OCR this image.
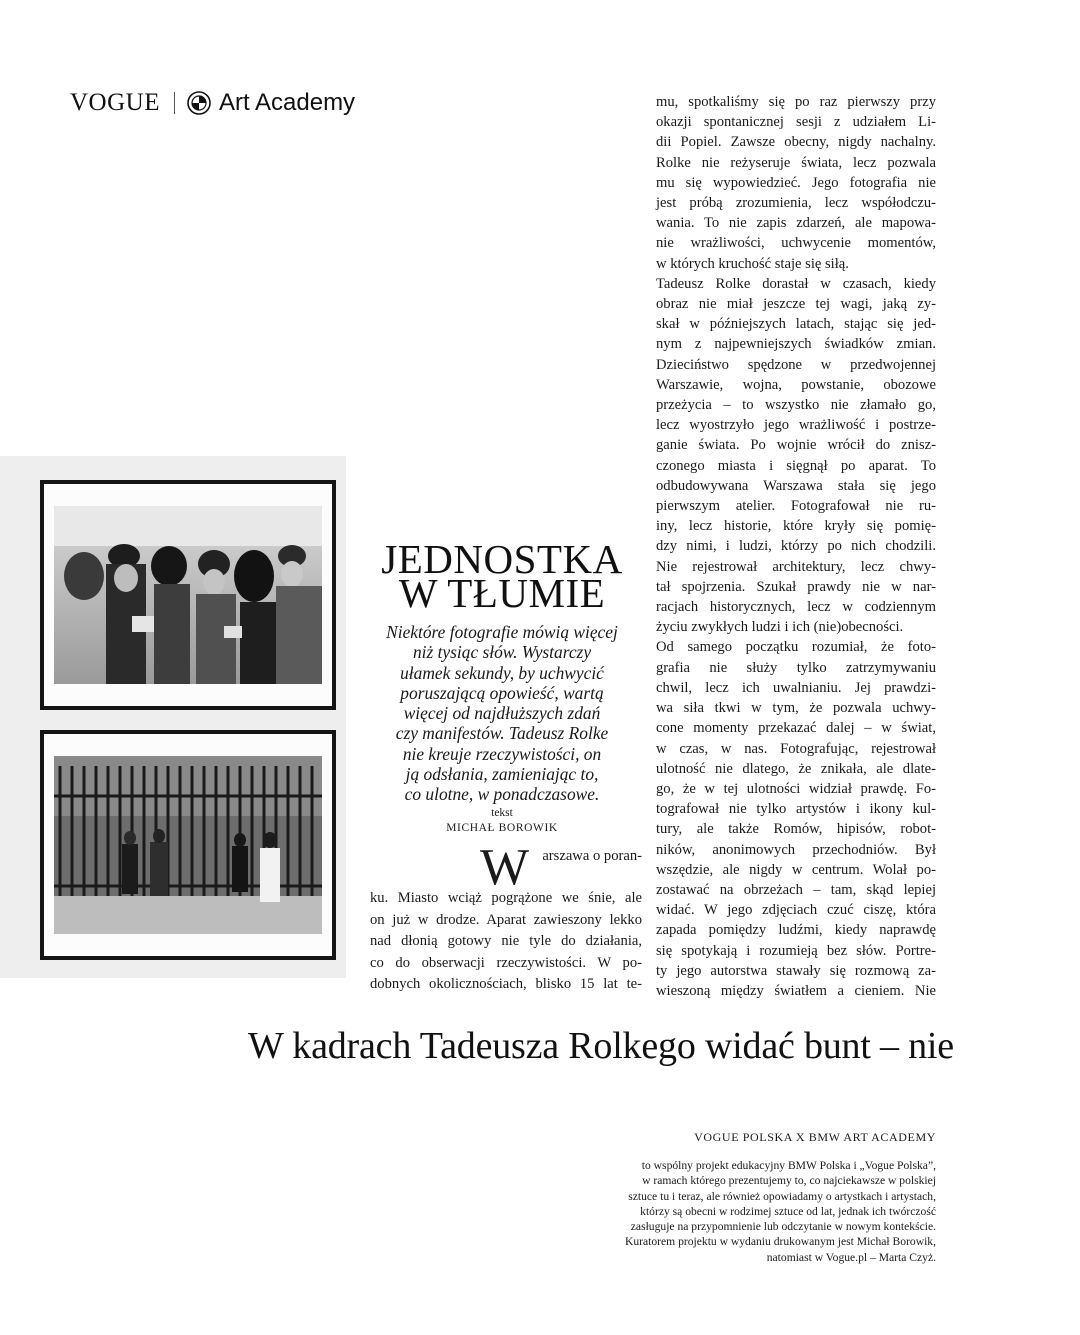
VOGUE Art Academy
JEDNOSTKA
W TŁUMIE
Niektóre fotografie mówią więcej
niż tysiąc słów. Wystarczy
ułamek sekundy, by uchwycić
poruszającą opowieść, wartą
więcej od najdłuższych zdań
czy manifestów. Tadeusz Rolke
nie kreuje rzeczywistości, on
ją odsłania, zamieniając to,
co ulotne, w ponadczasowe.
tekst
MICHAŁ BOROWIK
W arszawa o poran-
ku. Miasto wciąż pogrążone we śnie, ale
on już w drodze. Aparat zawieszony lekko
nad dłonią gotowy nie tyle do działania,
co do obserwacji rzeczywistości. W po-
dobnych okolicznościach, blisko 15 lat te-
mu, spotkaliśmy się po raz pierwszy przy
okazji spontanicznej sesji z udziałem Li-
dii Popiel. Zawsze obecny, nigdy nachalny.
Rolke nie reżyseruje świata, lecz pozwala
mu się wypowiedzieć. Jego fotografia nie
jest próbą zrozumienia, lecz współodczu-
wania. To nie zapis zdarzeń, ale mapowa-
nie wrażliwości, uchwycenie momentów,
w których kruchość staje się siłą.
Tadeusz Rolke dorastał w czasach, kiedy
obraz nie miał jeszcze tej wagi, jaką zy-
skał w późniejszych latach, stając się jed-
nym z najpewniejszych świadków zmian.
Dzieciństwo spędzone w przedwojennej
Warszawie, wojna, powstanie, obozowe
przeżycia – to wszystko nie złamało go,
lecz wyostrzyło jego wrażliwość i postrze-
ganie świata. Po wojnie wrócił do znisz-
czonego miasta i sięgnął po aparat. To
odbudowywana Warszawa stała się jego
pierwszym atelier. Fotografował nie ru-
iny, lecz historie, które kryły się pomię-
dzy nimi, i ludzi, którzy po nich chodzili.
Nie rejestrował architektury, lecz chwy-
tał spojrzenia. Szukał prawdy nie w nar-
racjach historycznych, lecz w codziennym
życiu zwykłych ludzi i ich (nie)obecności.
Od samego początku rozumiał, że foto-
grafia nie służy tylko zatrzymywaniu
chwil, lecz ich uwalnianiu. Jej prawdzi-
wa siła tkwi w tym, że pozwala uchwy-
cone momenty przekazać dalej – w świat,
w czas, w nas. Fotografując, rejestrował
ulotność nie dlatego, że znikała, ale dlate-
go, że w tej ulotności widział prawdę. Fo-
tografował nie tylko artystów i ikony kul-
tury, ale także Romów, hipisów, robot-
ników, anonimowych przechodniów. Był
wszędzie, ale nigdy w centrum. Wolał po-
zostawać na obrzeżach – tam, skąd lepiej
widać. W jego zdjęciach czuć ciszę, która
zapada pomiędzy ludźmi, kiedy naprawdę
się spotykają i rozumieją bez słów. Portre-
ty jego autorstwa stawały się rozmową za-
wieszoną między światłem a cieniem. Nie
W kadrach Tadeusza Rolkego widać bunt – nie
VOGUE POLSKA X BMW ART ACADEMY
to wspólny projekt edukacyjny BMW Polska i „Vogue Polska”,
w ramach którego prezentujemy to, co najciekawsze w polskiej
sztuce tu i teraz, ale również opowiadamy o artystkach i artystach,
którzy są obecni w rodzimej sztuce od lat, jednak ich twórczość
zasługuje na przypomnienie lub odczytanie w nowym kontekście.
Kuratorem projektu w wydaniu drukowanym jest Michał Borowik,
natomiast w Vogue.pl – Marta Czyż.
